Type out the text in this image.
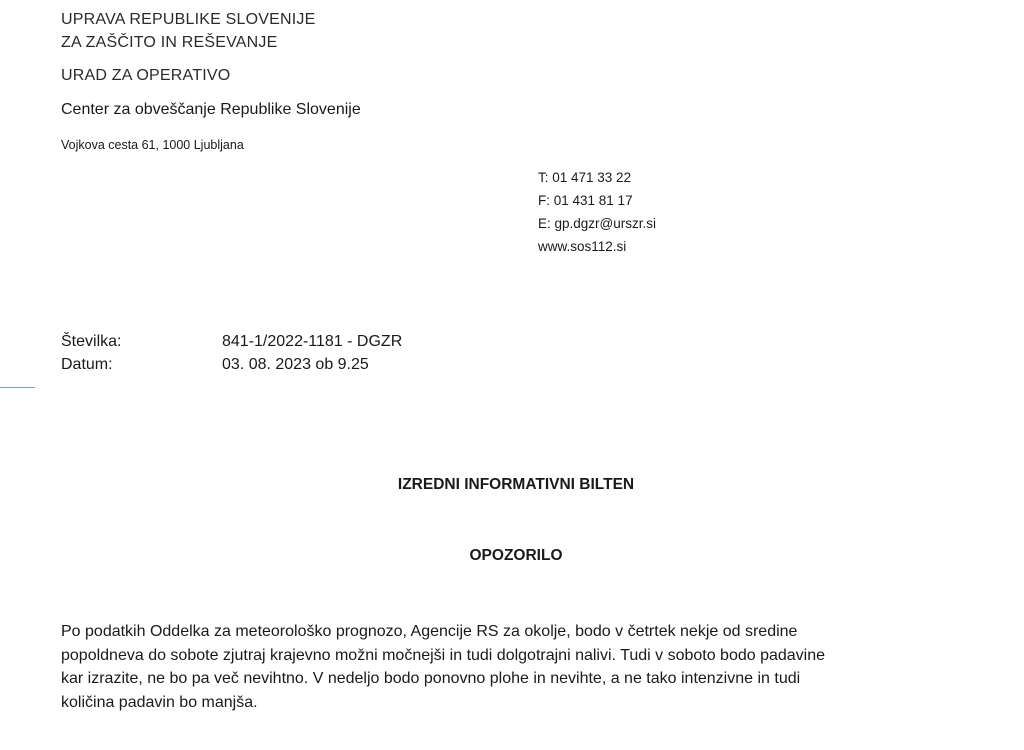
UPRAVA REPUBLIKE SLOVENIJE
ZA ZAŠČITO IN REŠEVANJE
URAD ZA OPERATIVO
Center za obveščanje Republike Slovenije
Vojkova cesta 61, 1000 Ljubljana
T: 01 471 33 22
F: 01 431 81 17
E: gp.dgzr@urszr.si
www.sos112.si
Številka:	841-1/2022-1181 - DGZR
Datum:	03. 08. 2023 ob 9.25
IZREDNI INFORMATIVNI BILTEN
OPOZORILO
Po podatkih Oddelka za meteorološko prognozo, Agencije RS za okolje, bodo v četrtek nekje od sredine
popoldneva do sobote zjutraj krajevno možni močnejši in tudi dolgotrajni nalivi. Tudi v soboto bodo padavine
kar izrazite, ne bo pa več nevihtno. V nedeljo bodo ponovno plohe in nevihte, a ne tako intenzivne in tudi
količina padavin bo manjša.
